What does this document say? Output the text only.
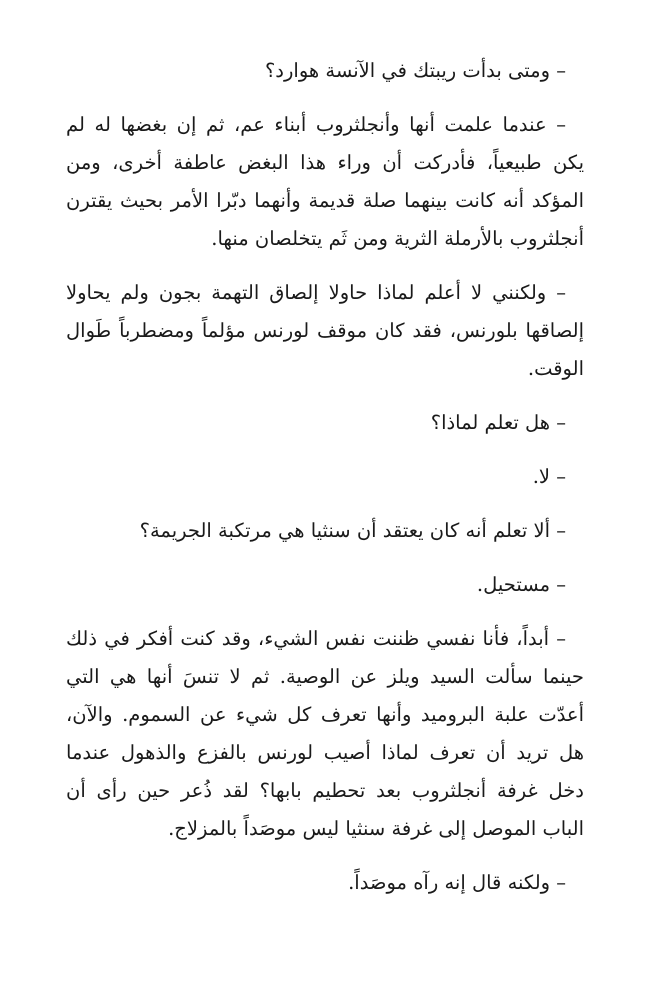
– ومتى بدأت ريبتك في الآنسة هوارد؟

– عندما علمت أنها وأنجلثروب أبناء عم، ثم إن بغضها له لم يكن طبيعياً، فأدركت أن وراء هذا البغض عاطفة أخرى، ومن المؤكد أنه كانت بينهما صلة قديمة وأنهما دبّرا الأمر بحيث يقترن أنجلثروب بالأرملة الثرية ومن ثَم يتخلصان منها.

– ولكنني لا أعلم لماذا حاولا إلصاق التهمة بجون ولم يحاولا إلصاقها بلورنس، فقد كان موقف لورنس مؤلماً ومضطرباً طَوال الوقت.

– هل تعلم لماذا؟

– لا.

– ألا تعلم أنه كان يعتقد أن سنثيا هي مرتكبة الجريمة؟

– مستحيل.

– أبداً، فأنا نفسي ظننت نفس الشيء، وقد كنت أفكر في ذلك حينما سألت السيد ويلز عن الوصية. ثم لا تنسَ أنها هي التي أعدّت علبة البروميد وأنها تعرف كل شيء عن السموم. والآن، هل تريد أن تعرف لماذا أصيب لورنس بالفزع والذهول عندما دخل غرفة أنجلثروب بعد تحطيم بابها؟ لقد ذُعر حين رأى أن الباب الموصل إلى غرفة سنثيا ليس موصَداً بالمزلاج.

– ولكنه قال إنه رآه موصَداً.
